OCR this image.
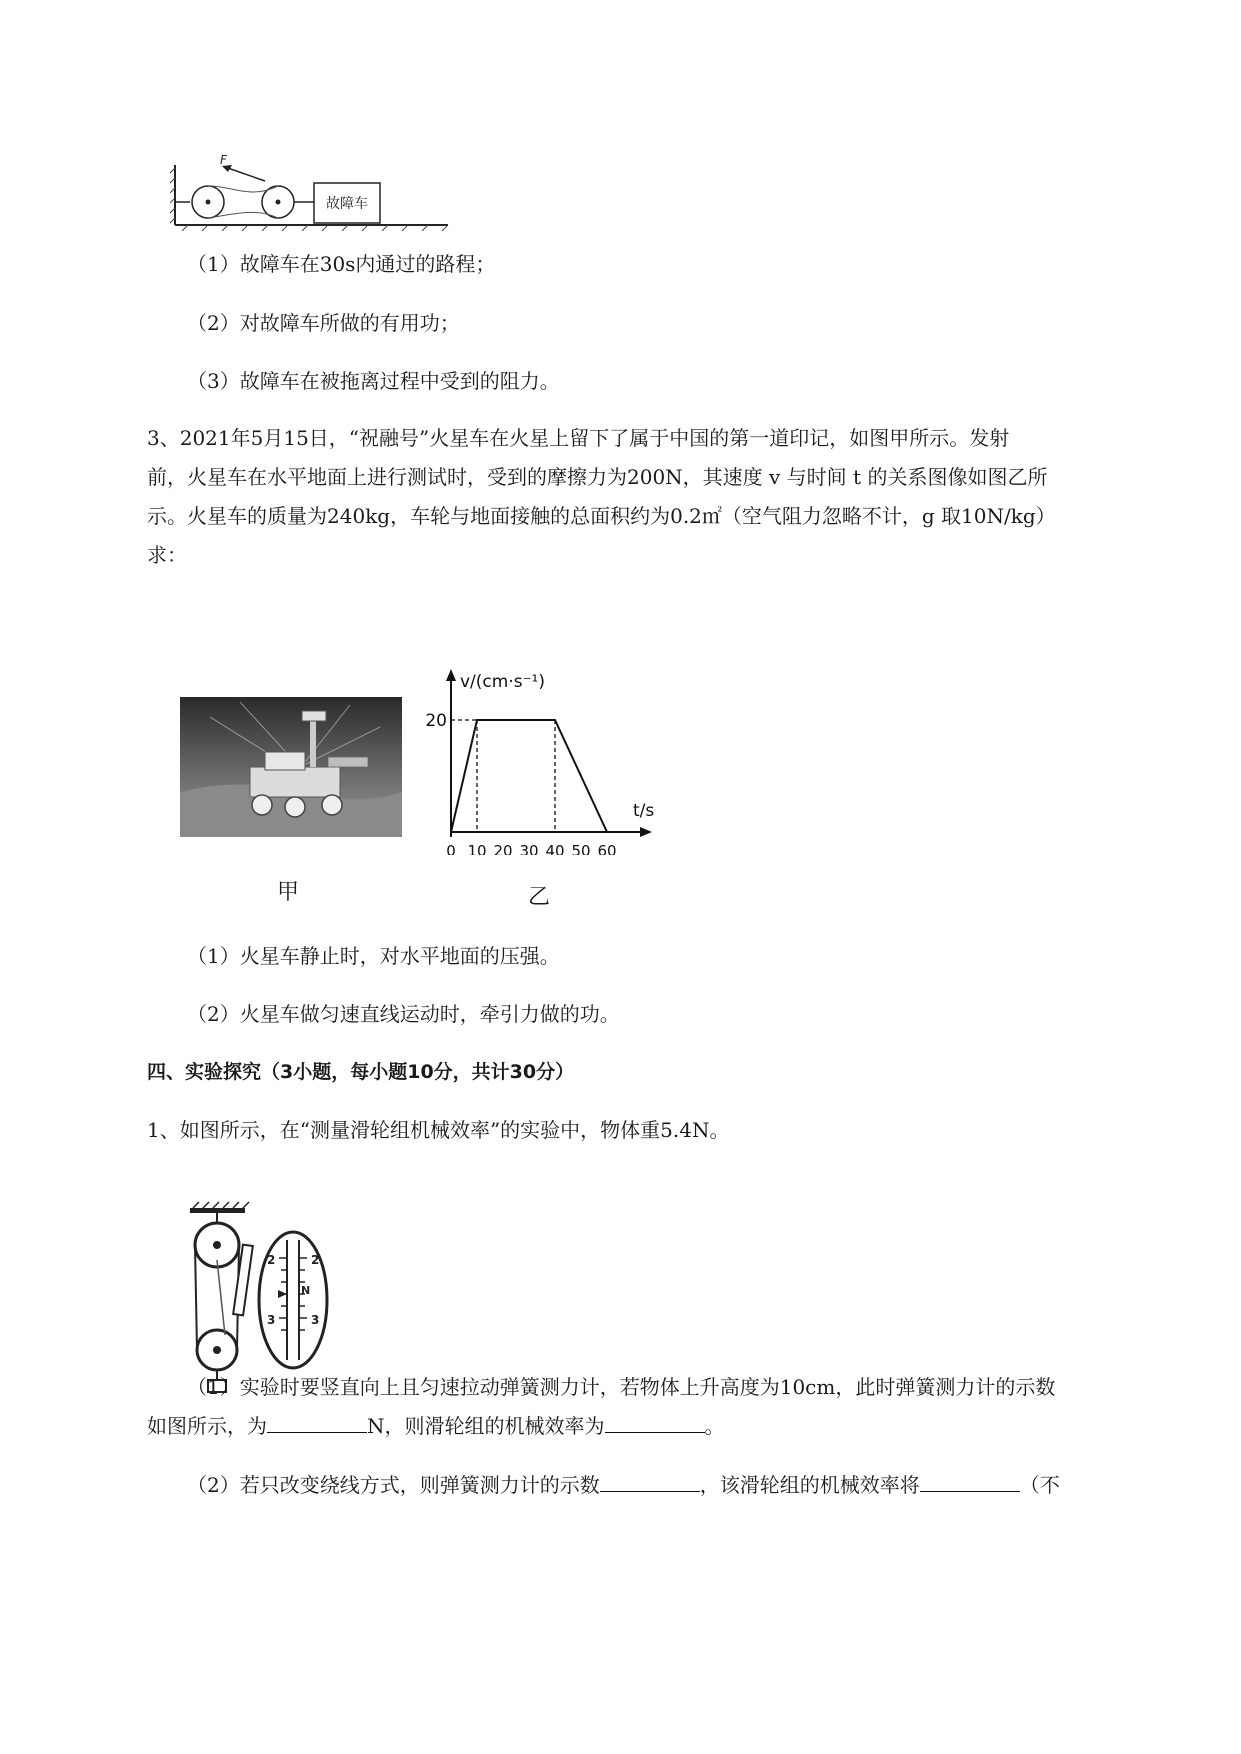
F
故障车
（1）故障车在30s内通过的路程；
（2）对故障车所做的有用功；
（3）故障车在被拖离过程中受到的阻力。
3、2021年5月15日，“祝融号”火星车在火星上留下了属于中国的第一道印记，如图甲所示。发射
前，火星车在水平地面上进行测试时，受到的摩擦力为200N，其速度 v 与时间 t 的关系图像如图乙所
示。火星车的质量为240kg，车轮与地面接触的总面积约为0.2㎡（空气阻力忽略不计，g 取10N/kg）
求：
v/(cm·s⁻¹)
t/s
0 10 20 30 40 50 60
20
甲	乙
（1）火星车静止时，对水平地面的压强。
（2）火星车做匀速直线运动时，牵引力做的功。
四、实验探究（3小题，每小题10分，共计30分）
1、如图所示，在“测量滑轮组机械效率”的实验中，物体重5.4N。
2	2
N
3	3
（1）实验时要竖直向上且匀速拉动弹簧测力计，若物体上升高度为10cm，此时弹簧测力计的示数
如图所示，为	N，则滑轮组的机械效率为	。
（2）若只改变绕线方式，则弹簧测力计的示数	，该滑轮组的机械效率将	（不
